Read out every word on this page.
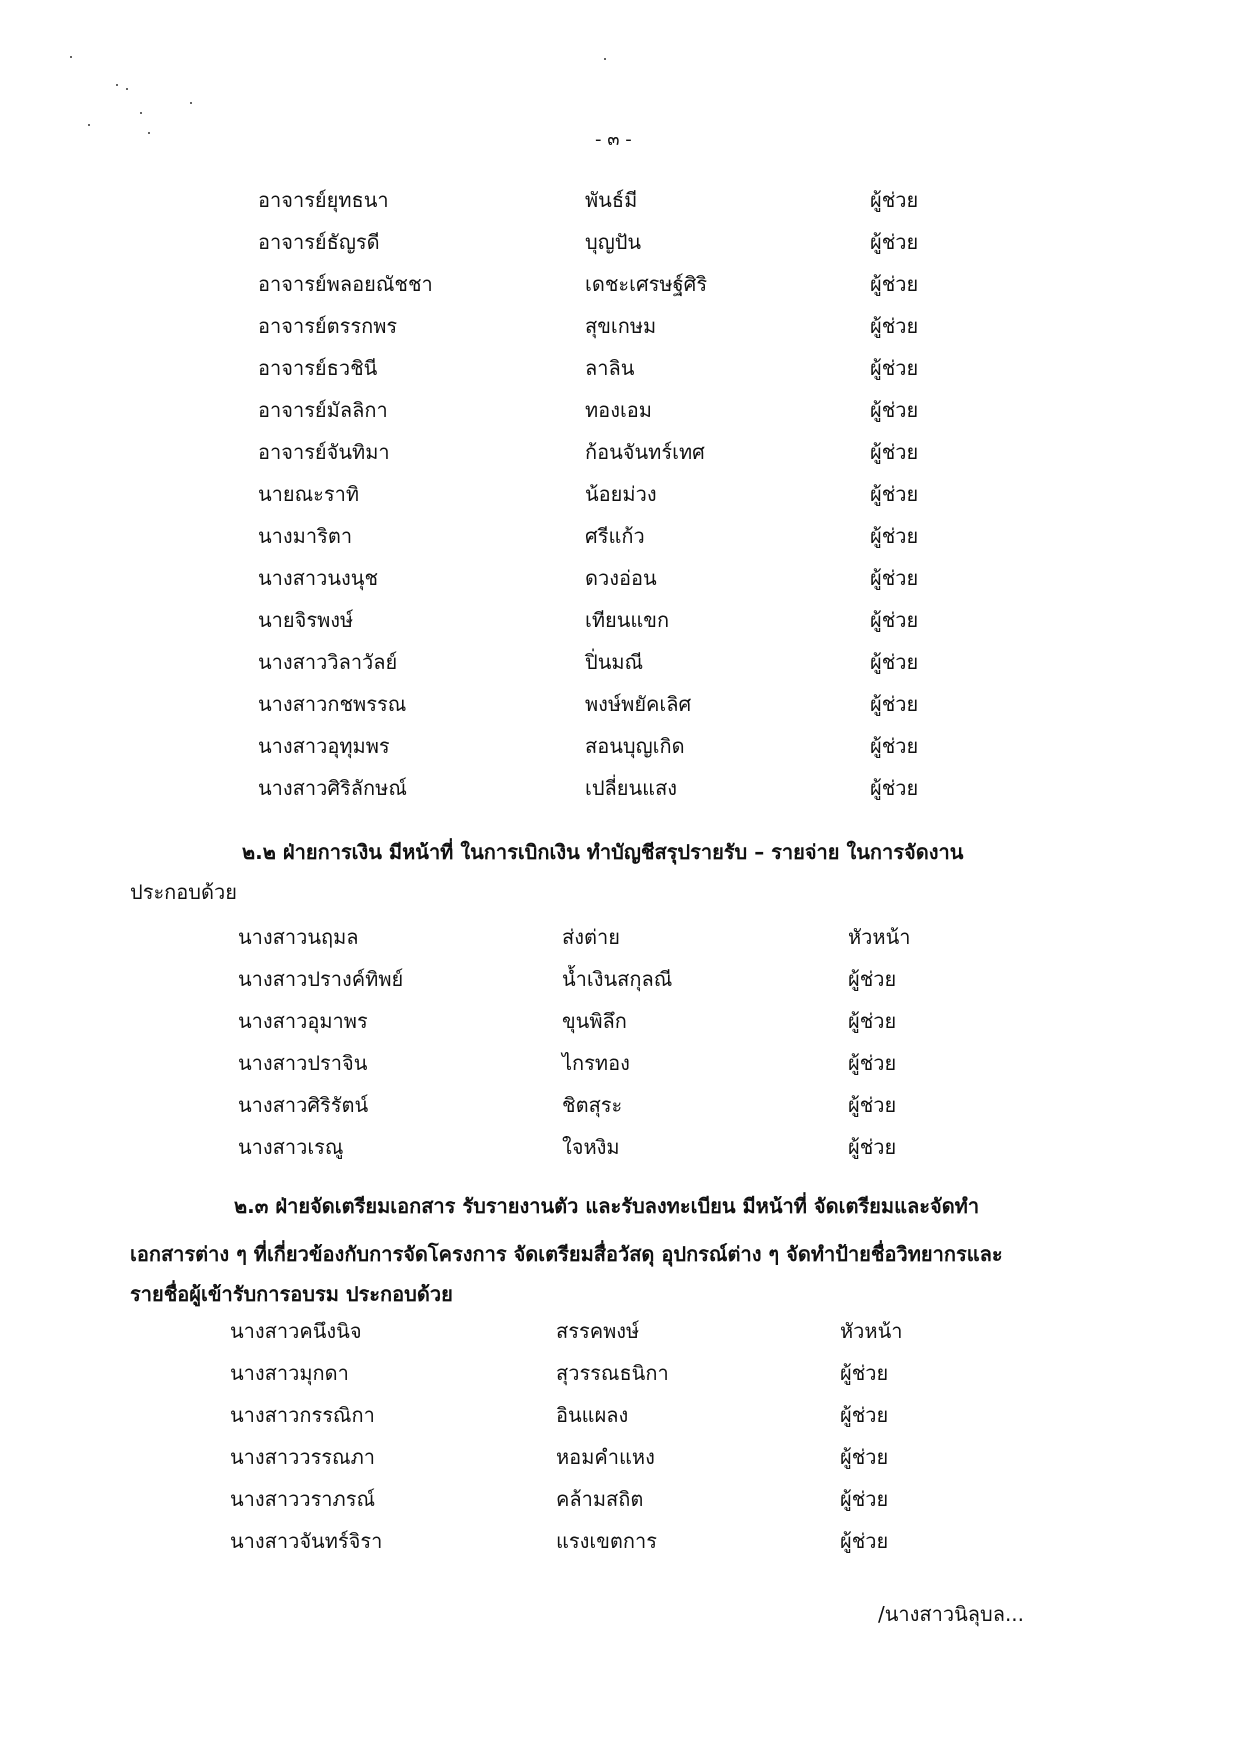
- ๓ -
อาจารย์ยุทธนา	พันธ์มี	ผู้ช่วย
อาจารย์ธัญรดี	บุญปัน	ผู้ช่วย
อาจารย์พลอยณัชชา	เดชะเศรษฐ์ศิริ	ผู้ช่วย
อาจารย์ตรรกพร	สุขเกษม	ผู้ช่วย
อาจารย์ธวชินี	ลาลิน	ผู้ช่วย
อาจารย์มัลลิกา	ทองเอม	ผู้ช่วย
อาจารย์จันทิมา	ก้อนจันทร์เทศ	ผู้ช่วย
นายณะราทิ	น้อยม่วง	ผู้ช่วย
นางมาริตา	ศรีแก้ว	ผู้ช่วย
นางสาวนงนุช	ดวงอ่อน	ผู้ช่วย
นายจิรพงษ์	เทียนแขก	ผู้ช่วย
นางสาววิลาวัลย์	ปิ่นมณี	ผู้ช่วย
นางสาวกชพรรณ	พงษ์พยัคเลิศ	ผู้ช่วย
นางสาวอุทุมพร	สอนบุญเกิด	ผู้ช่วย
นางสาวศิริลักษณ์	เปลี่ยนแสง	ผู้ช่วย
๒.๒ ฝ่ายการเงิน มีหน้าที่ ในการเบิกเงิน ทำบัญชีสรุปรายรับ – รายจ่าย ในการจัดงาน
ประกอบด้วย
นางสาวนฤมล	ส่งต่าย	หัวหน้า
นางสาวปรางค์ทิพย์	น้ำเงินสกุลณี	ผู้ช่วย
นางสาวอุมาพร	ขุนพิลึก	ผู้ช่วย
นางสาวปราจิน	ไกรทอง	ผู้ช่วย
นางสาวศิริรัตน์	ชิตสุระ	ผู้ช่วย
นางสาวเรณู	ใจหงิม	ผู้ช่วย
๒.๓ ฝ่ายจัดเตรียมเอกสาร รับรายงานตัว และรับลงทะเบียน มีหน้าที่ จัดเตรียมและจัดทำ
เอกสารต่าง ๆ ที่เกี่ยวข้องกับการจัดโครงการ จัดเตรียมสื่อวัสดุ อุปกรณ์ต่าง ๆ จัดทำป้ายชื่อวิทยากรและ
รายชื่อผู้เข้ารับการอบรม ประกอบด้วย
นางสาวคนึงนิจ	สรรคพงษ์	หัวหน้า
นางสาวมุกดา	สุวรรณธนิกา	ผู้ช่วย
นางสาวกรรณิกา	อินแผลง	ผู้ช่วย
นางสาววรรณภา	หอมคำแหง	ผู้ช่วย
นางสาววราภรณ์	คล้ามสถิต	ผู้ช่วย
นางสาวจันทร์จิรา	แรงเขตการ	ผู้ช่วย
/นางสาวนิลุบล...
